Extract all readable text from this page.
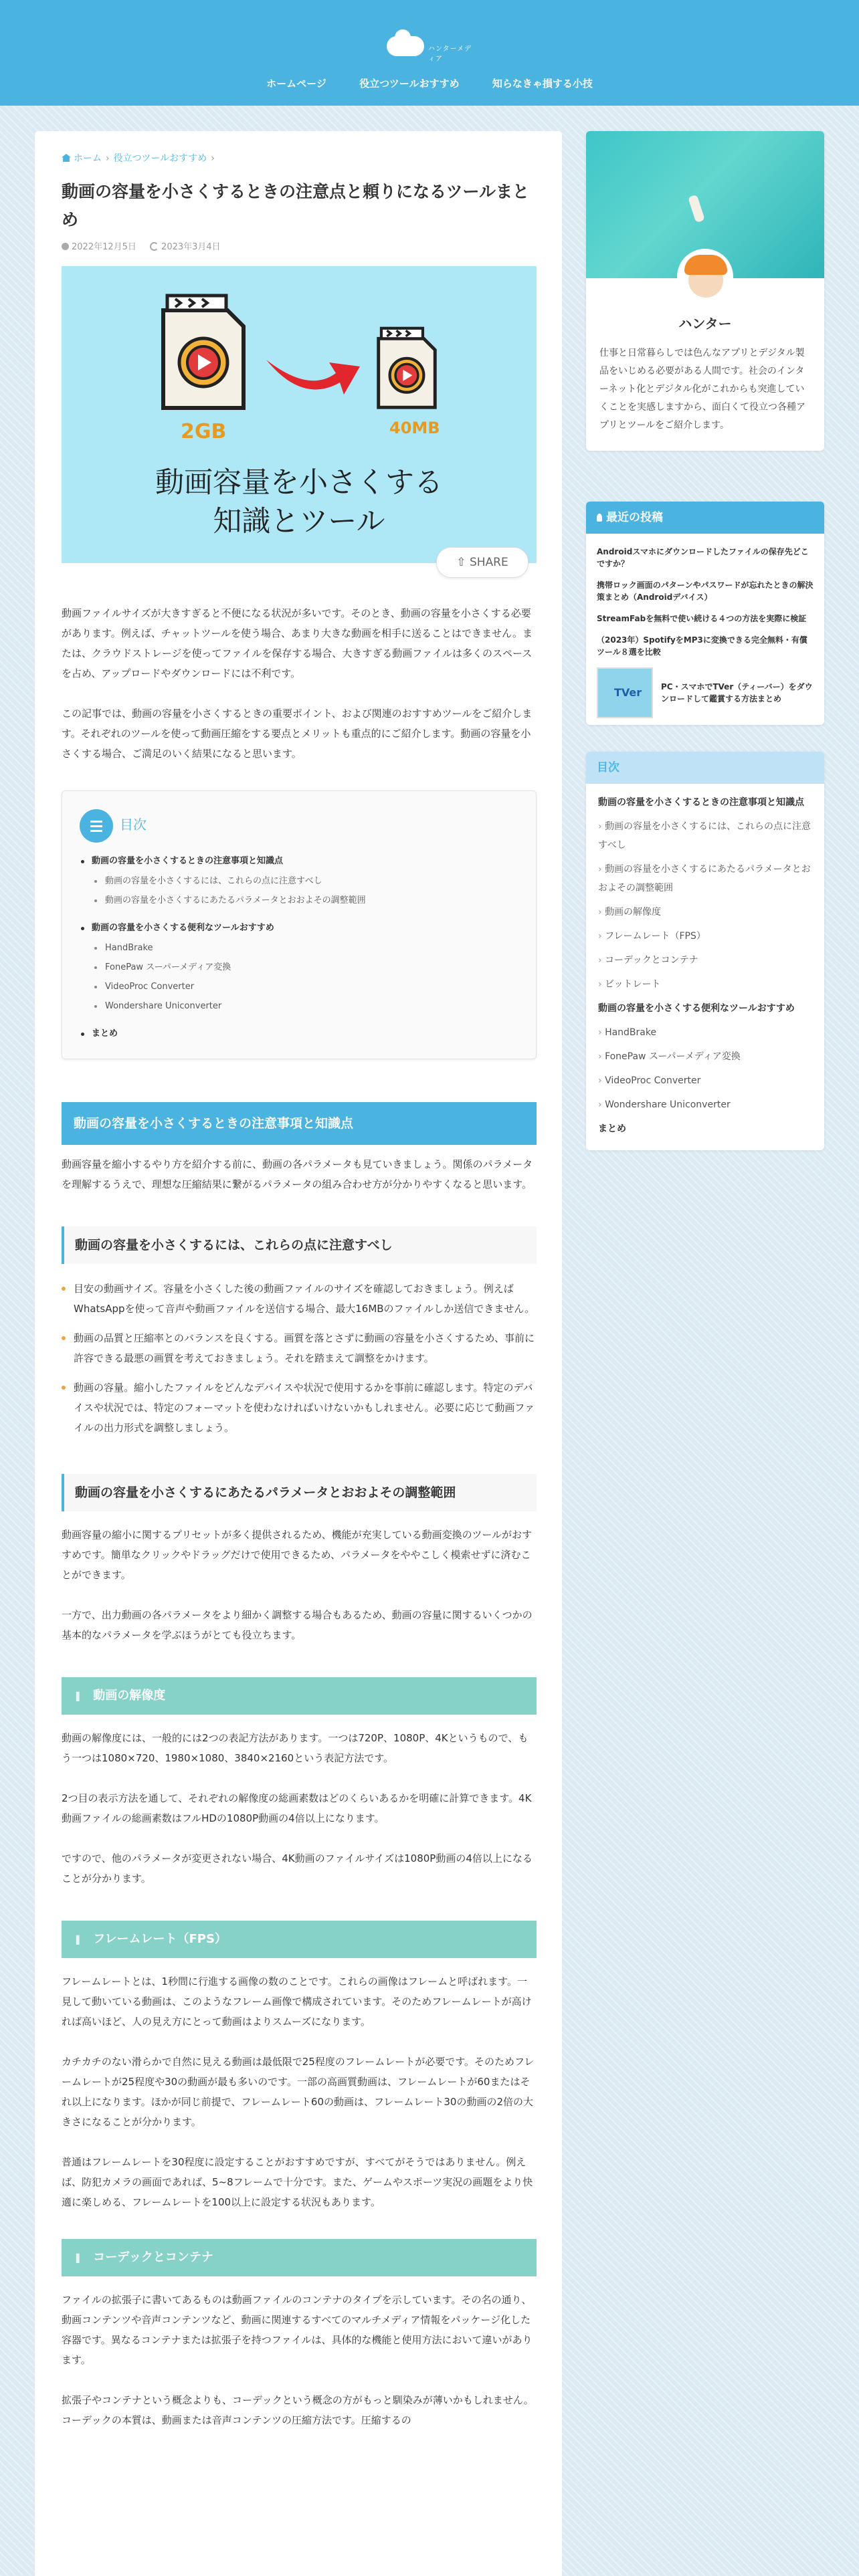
ハンターメディア
ホームページ	役立つツールおすすめ	知らなきゃ損する小技
ホーム › 役立つツールおすすめ ›
動画の容量を小さくするときの注意点と頼りになるツールまとめ
2022年12月5日	2023年3月4日
2GB	40MB
動画容量を小さくする
知識とツール
⇧ SHARE

動画ファイルサイズが大きすぎると不便になる状況が多いです。そのとき、動画の容量を小さくする必要があります。例えば、チャットツールを使う場合、あまり大きな動画を相手に送ることはできません。または、クラウドストレージを使ってファイルを保存する場合、大きすぎる動画ファイルは多くのスペースを占め、アップロードやダウンロードには不利です。

この記事では、動画の容量を小さくするときの重要ポイント、および関連のおすすめツールをご紹介します。それぞれのツールを使って動画圧縮をする要点とメリットも重点的にご紹介します。動画の容量を小さくする場合、ご満足のいく結果になると思います。

目次
動画の容量を小さくするときの注意事項と知識点
動画の容量を小さくするには、これらの点に注意すべし
動画の容量を小さくするにあたるパラメータとおおよその調整範囲
動画の容量を小さくする便利なツールおすすめ
HandBrake
FonePaw スーパーメディア変換
VideoProc Converter
Wondershare Uniconverter
まとめ
動画の容量を小さくするときの注意事項と知識点

動画容量を縮小するやり方を紹介する前に、動画の各パラメータも見ていきましょう。関係のパラメータを理解するうえで、理想な圧縮結果に繋がるパラメータの組み合わせ方が分かりやすくなると思います。

動画の容量を小さくするには、これらの点に注意すべし
目安の動画サイズ。容量を小さくした後の動画ファイルのサイズを確認しておきましょう。例えばWhatsAppを使って音声や動画ファイルを送信する場合、最大16MBのファイルしか送信できません。
動画の品質と圧縮率とのバランスを良くする。画質を落とさずに動画の容量を小さくするため、事前に許容できる最悪の画質を考えておきましょう。それを踏まえて調整をかけます。
動画の容量。縮小したファイルをどんなデバイスや状況で使用するかを事前に確認します。特定のデバイスや状況では、特定のフォーマットを使わなければいけないかもしれません。必要に応じて動画ファイルの出力形式を調整しましょう。
動画の容量を小さくするにあたるパラメータとおおよその調整範囲

動画容量の縮小に関するプリセットが多く提供されるため、機能が充実している動画変換のツールがおすすめです。簡単なクリックやドラッグだけで使用できるため、パラメータをややこしく模索せずに済むことができます。

一方で、出力動画の各パラメータをより細かく調整する場合もあるため、動画の容量に関するいくつかの基本的なパラメータを学ぶほうがとても役立ちます。

▌ 動画の解像度

動画の解像度には、一般的には2つの表記方法があります。一つは720P、1080P、4Kというもので、もう一つは1080×720、1980×1080、3840×2160という表記方法です。

2つ目の表示方法を通して、それぞれの解像度の総画素数はどのくらいあるかを明確に計算できます。4K動画ファイルの総画素数はフルHDの1080P動画の4倍以上になります。

ですので、他のパラメータが変更されない場合、4K動画のファイルサイズは1080P動画の4倍以上になることが分かります。

▌ フレームレート（FPS）

フレームレートとは、1秒間に行進する画像の数のことです。これらの画像はフレームと呼ばれます。一見して動いている動画は、このようなフレーム画像で構成されています。そのためフレームレートが高ければ高いほど、人の見え方にとって動画はよりスムーズになります。

カチカチのない滑らかで自然に見える動画は最低限で25程度のフレームレートが必要です。そのためフレームレートが25程度や30の動画が最も多いのです。一部の高画質動画は、フレームレートが60またはそれ以上になります。ほかが同じ前提で、フレームレート60の動画は、フレームレート30の動画の2倍の大きさになることが分かります。

普通はフレームレートを30程度に設定することがおすすめですが、すべてがそうではありません。例えば、防犯カメラの画面であれば、5~8フレームで十分です。また、ゲームやスポーツ実況の画題をより快適に楽しめる、フレームレートを100以上に設定する状況もあります。

▌ コーデックとコンテナ

ファイルの拡張子に書いてあるものは動画ファイルのコンテナのタイプを示しています。その名の通り、動画コンテンツや音声コンテンツなど、動画に関連するすべてのマルチメディア情報をパッケージ化した容器です。異なるコンテナまたは拡張子を持つファイルは、具体的な機能と使用方法において違いがあります。

拡張子やコンテナという概念よりも、コーデックという概念の方がもっと馴染みが薄いかもしれません。コーデックの本質は、動画または音声コンテンツの圧縮方法です。圧縮するの

ハンター
仕事と日常暮らしでは色んなアプリとデジタル製品をいじめる必要がある人間です。社会のインターネット化とデジタル化がこれからも突進していくことを実感しますから、面白くて役立つ各種アプリとツールをご紹介します。
最近の投稿
Androidスマホにダウンロードしたファイルの保存先どこですか？
携帯ロック画面のパターンやパスワードが忘れたときの解決策まとめ（Androidデバイス）
StreamFabを無料で使い続ける４つの方法を実際に検証
（2023年）SpotifyをMP3に変換できる完全無料・有償ツール８選を比較
TVer PC・スマホでTVer（ティーバー）をダウンロードして鑑賞する方法まとめ
目次
動画の容量を小さくするときの注意事項と知識点
› 動画の容量を小さくするには、これらの点に注意すべし
› 動画の容量を小さくするにあたるパラメータとおおよその調整範囲
› 動画の解像度
› フレームレート（FPS）
› コーデックとコンテナ
› ビットレート
動画の容量を小さくする便利なツールおすすめ
› HandBrake
› FonePaw スーパーメディア変換
› VideoProc Converter
› Wondershare Uniconverter
まとめ
